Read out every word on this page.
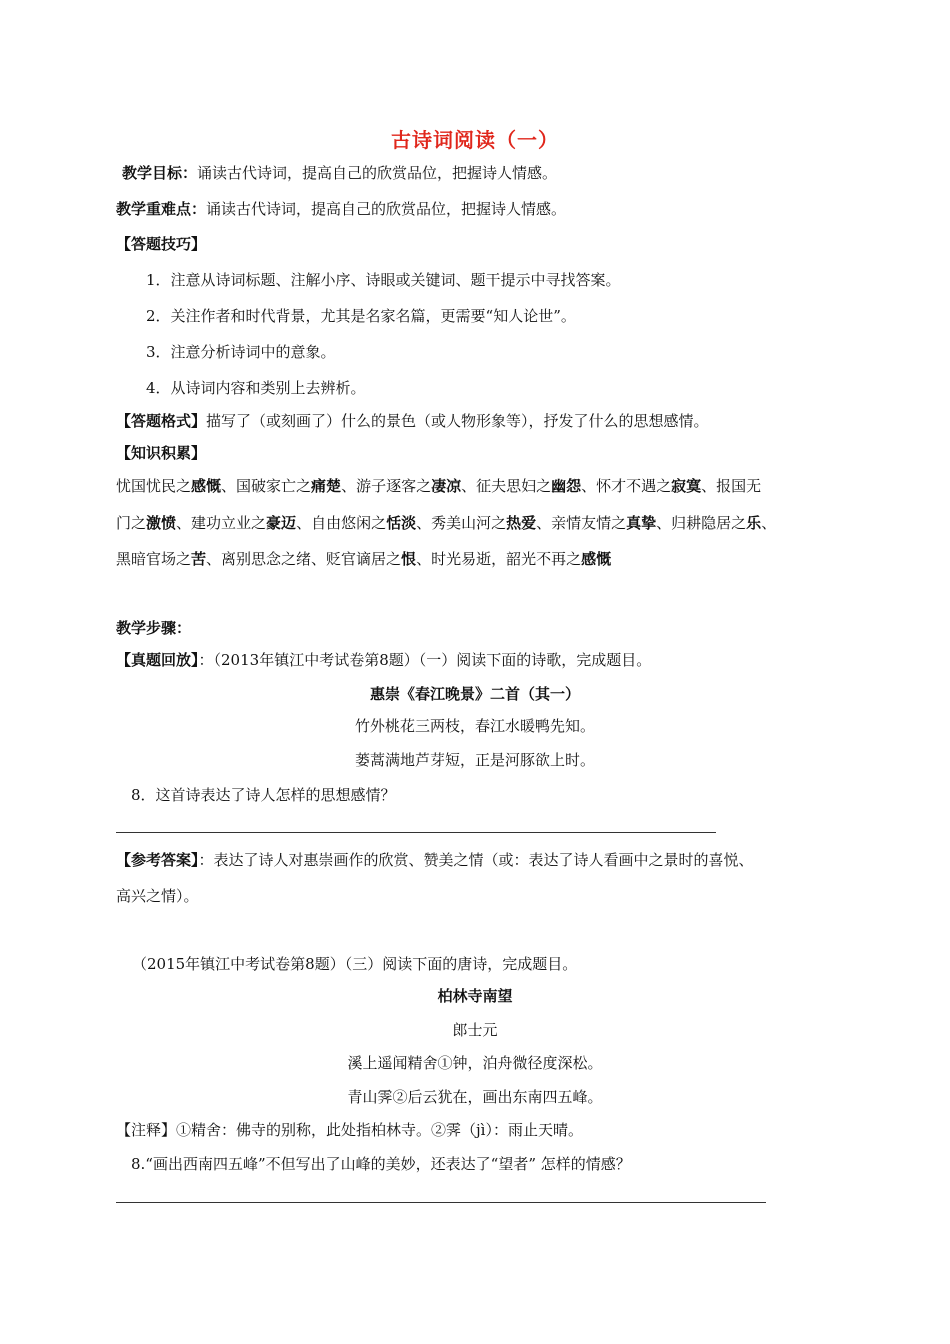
古诗词阅读（一）
教学目标：诵读古代诗词，提高自己的欣赏品位，把握诗人情感。
教学重难点：诵读古代诗词，提高自己的欣赏品位，把握诗人情感。
【答题技巧】
1．注意从诗词标题、注解小序、诗眼或关键词、题干提示中寻找答案。
2．关注作者和时代背景，尤其是名家名篇，更需要“知人论世”。
3．注意分析诗词中的意象。
4．从诗词内容和类别上去辨析。
【答题格式】描写了（或刻画了）什么的景色（或人物形象等），抒发了什么的思想感情。
【知识积累】
忧国忧民之感慨、国破家亡之痛楚、游子逐客之凄凉、征夫思妇之幽怨、怀才不遇之寂寞、报国无
门之激愤、建功立业之豪迈、自由悠闲之恬淡、秀美山河之热爱、亲情友情之真挚、归耕隐居之乐、
黑暗官场之苦、离别思念之绪、贬官谪居之恨、时光易逝，韶光不再之感慨
教学步骤：
【真题回放】：（2013年镇江中考试卷第8题）（一）阅读下面的诗歌，完成题目。
惠崇《春江晚景》二首（其一）
竹外桃花三两枝，春江水暖鸭先知。
蒌蒿满地芦芽短，正是河豚欲上时。
8．这首诗表达了诗人怎样的思想感情？
【参考答案】：表达了诗人对惠崇画作的欣赏、赞美之情（或：表达了诗人看画中之景时的喜悦、
高兴之情）。
（2015年镇江中考试卷第8题）（三）阅读下面的唐诗，完成题目。
柏林寺南望
郎士元
溪上遥闻精舍①钟，泊舟微径度深松。
青山霁②后云犹在，画出东南四五峰。
【注释】①精舍：佛寺的别称，此处指柏林寺。②霁（jì）：雨止天晴。
8.“画出西南四五峰”不但写出了山峰的美妙，还表达了“望者” 怎样的情感？
